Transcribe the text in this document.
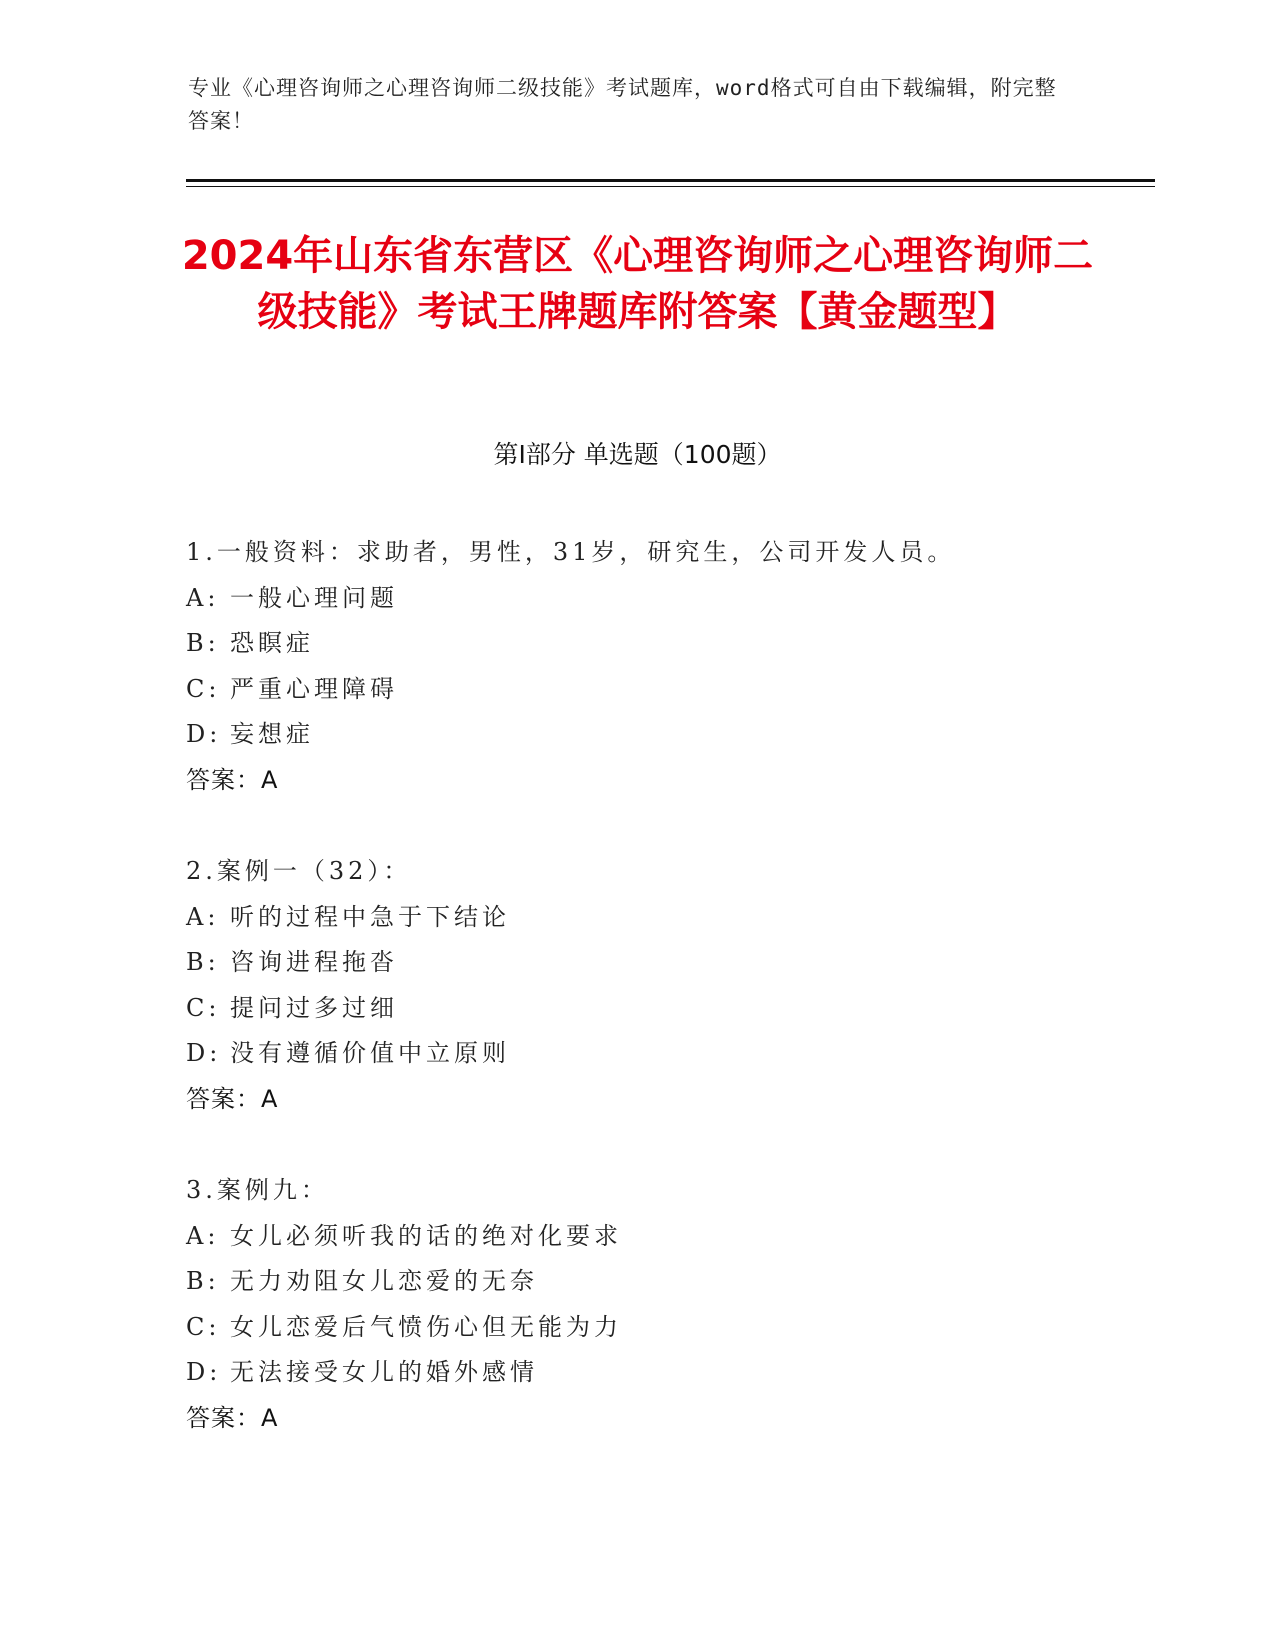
专业《心理咨询师之心理咨询师二级技能》考试题库，word格式可自由下载编辑，附完整答案！
2024年山东省东营区《心理咨询师之心理咨询师二级技能》考试王牌题库附答案【黄金题型】
第Ⅰ部分 单选题（100题）
1.一般资料：求助者，男性，31岁，研究生，公司开发人员。
A: 一般心理问题
B: 恐瞑症
C: 严重心理障碍
D: 妄想症
答案：A
2.案例一（32）：
A: 听的过程中急于下结论
B: 咨询进程拖沓
C: 提问过多过细
D: 没有遵循价值中立原则
答案：A
3.案例九：
A: 女儿必须听我的话的绝对化要求
B: 无力劝阻女儿恋爱的无奈
C: 女儿恋爱后气愤伤心但无能为力
D: 无法接受女儿的婚外感情
答案：A
